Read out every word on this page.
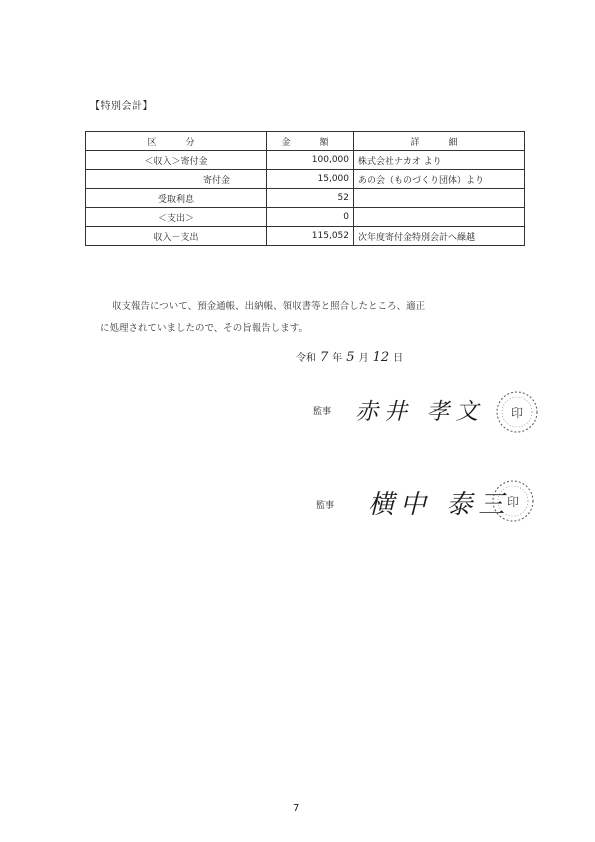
【特別会計】
区　分	金　額	詳　細
＜収入＞寄付金	100,000	株式会社ナカオ より
寄付金	15,000	あの会（ものづくり団体）より
受取利息	52	
＜支出＞	0	
収入－支出	115,052	次年度寄付金特別会計へ繰越

収支報告について、預金通帳、出納帳、領収書等と照合したところ、適正に処理されていましたので、その旨報告します。

令和 7 年 5 月 12 日
監事 赤井 孝文 印
監事 横中 泰三
印
7
